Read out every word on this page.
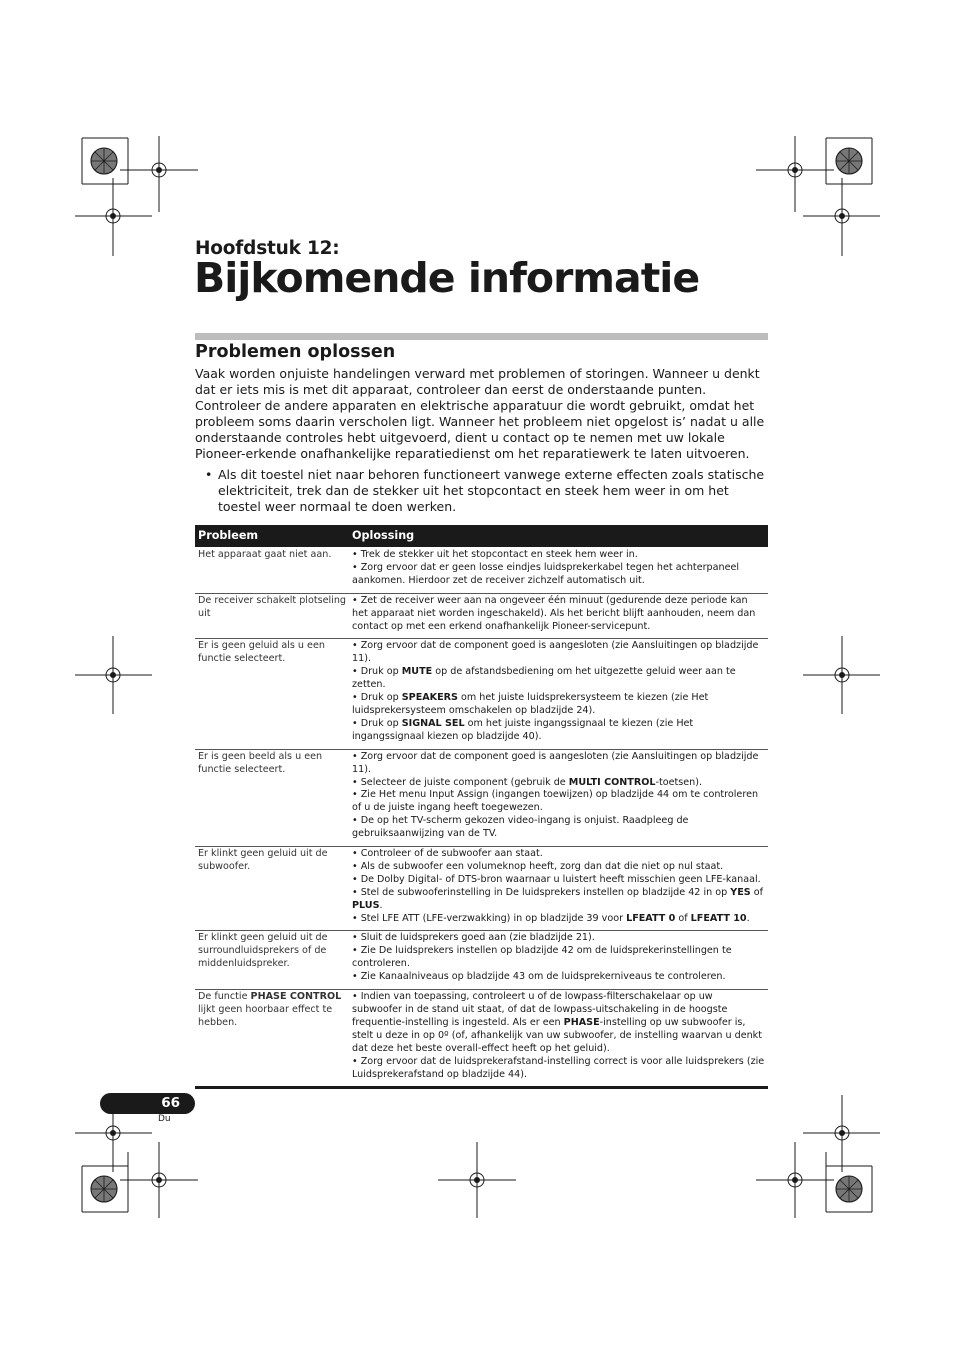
Hoofdstuk 12:
Bijkomende informatie
Problemen oplossen
Vaak worden onjuiste handelingen verward met problemen of storingen. Wanneer u denkt dat er iets mis is met dit apparaat, controleer dan eerst de onderstaande punten. Controleer de andere apparaten en elektrische apparatuur die wordt gebruikt, omdat het probleem soms daarin verscholen ligt. Wanneer het probleem niet opgelost is’ nadat u alle onderstaande controles hebt uitgevoerd, dient u contact op te nemen met uw lokale Pioneer-erkende onafhankelijke reparatiedienst om het reparatiewerk te laten uitvoeren.
• Als dit toestel niet naar behoren functioneert vanwege externe effecten zoals statische elektriciteit, trek dan de stekker uit het stopcontact en steek hem weer in om het toestel weer normaal te doen werken.
Probleem	Oplossing
Het apparaat gaat niet aan.	• Trek de stekker uit het stopcontact en steek hem weer in.
• Zorg ervoor dat er geen losse eindjes luidsprekerkabel tegen het achterpaneel aankomen. Hierdoor zet de receiver zichzelf automatisch uit.

De receiver schakelt plotseling uit	• Zet de receiver weer aan na ongeveer één minuut (gedurende deze periode kan het apparaat niet worden ingeschakeld). Als het bericht blijft aanhouden, neem dan contact op met een erkend onafhankelijk Pioneer-servicepunt.

Er is geen geluid als u een functie selecteert.	• Zorg ervoor dat de component goed is aangesloten (zie Aansluitingen op bladzijde 11).
• Druk op MUTE op de afstandsbediening om het uitgezette geluid weer aan te zetten.
• Druk op SPEAKERS om het juiste luidsprekersysteem te kiezen (zie Het luidsprekersysteem omschakelen op bladzijde 24).
• Druk op SIGNAL SEL om het juiste ingangssignaal te kiezen (zie Het ingangssignaal kiezen op bladzijde 40).

Er is geen beeld als u een functie selecteert.	• Zorg ervoor dat de component goed is aangesloten (zie Aansluitingen op bladzijde 11).
• Selecteer de juiste component (gebruik de MULTI CONTROL-toetsen).
• Zie Het menu Input Assign (ingangen toewijzen) op bladzijde 44 om te controleren of u de juiste ingang heeft toegewezen.
• De op het TV-scherm gekozen video-ingang is onjuist. Raadpleeg de gebruiksaanwijzing van de TV.

Er klinkt geen geluid uit de subwoofer.	• Controleer of de subwoofer aan staat.
• Als de subwoofer een volumeknop heeft, zorg dan dat die niet op nul staat.
• De Dolby Digital- of DTS-bron waarnaar u luistert heeft misschien geen LFE-kanaal.
• Stel de subwooferinstelling in De luidsprekers instellen op bladzijde 42 in op YES of PLUS.
• Stel LFE ATT (LFE-verzwakking) in op bladzijde 39 voor LFEATT 0 of LFEATT 10.

Er klinkt geen geluid uit de surroundluidsprekers of de middenluidspreker.	• Sluit de luidsprekers goed aan (zie bladzijde 21).
• Zie De luidsprekers instellen op bladzijde 42 om de luidsprekerinstellingen te controleren.
• Zie Kanaalniveaus op bladzijde 43 om de luidsprekerniveaus te controleren.

De functie PHASE CONTROL lijkt geen hoorbaar effect te hebben.	• Indien van toepassing, controleert u of de lowpass-filterschakelaar op uw subwoofer in de stand uit staat, of dat de lowpass-uitschakeling in de hoogste frequentie-instelling is ingesteld. Als er een PHASE-instelling op uw subwoofer is, stelt u deze in op 0º (of, afhankelijk van uw subwoofer, de instelling waarvan u denkt dat deze het beste overall-effect heeft op het geluid).
• Zorg ervoor dat de luidsprekerafstand-instelling correct is voor alle luidsprekers (zie Luidsprekerafstand op bladzijde 44).
66
Du
